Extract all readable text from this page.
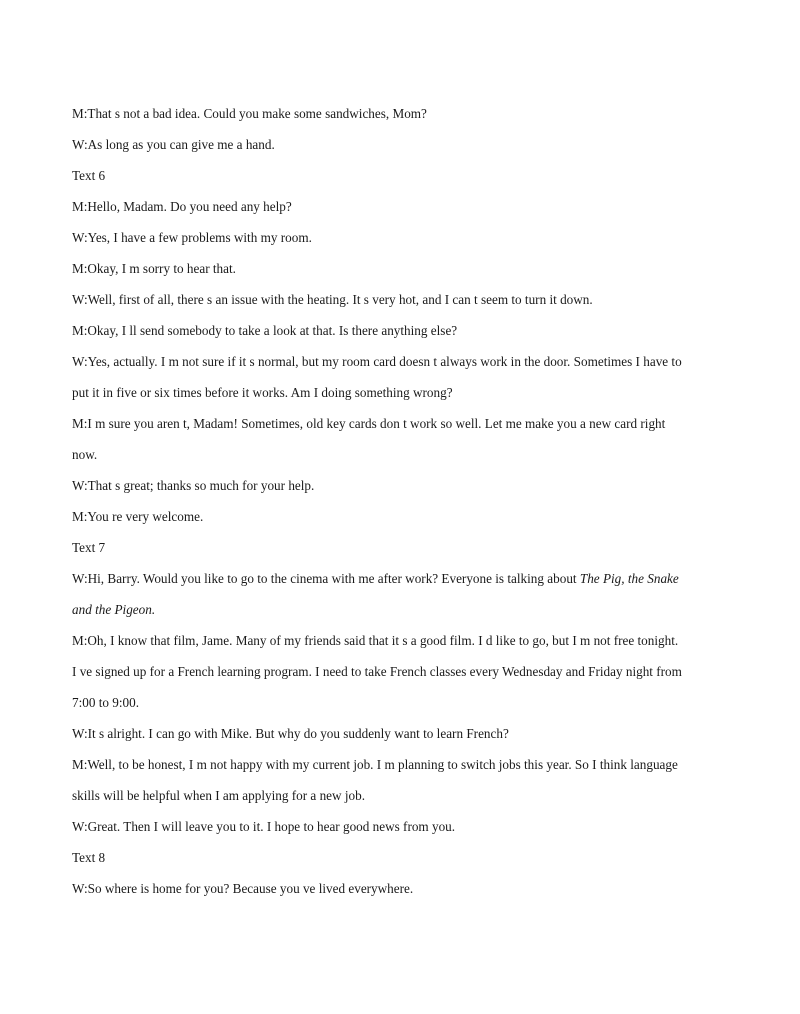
M:That s not a bad idea. Could you make some sandwiches, Mom?

W:As long as you can give me a hand.

Text 6

M:Hello, Madam. Do you need any help?

W:Yes, I have a few problems with my room.

M:Okay, I m sorry to hear that.

W:Well, first of all, there s an issue with the heating. It s very hot, and I can t seem to turn it down.

M:Okay, I ll send somebody to take a look at that. Is there anything else?

W:Yes, actually. I m not sure if it s normal, but my room card doesn t always work in the door. Sometimes I have to

put it in five or six times before it works. Am I doing something wrong?

M:I m sure you aren t, Madam! Sometimes, old key cards don t work so well. Let me make you a new card right

now.

W:That s great; thanks so much for your help.

M:You re very welcome.

Text 7

W:Hi, Barry. Would you like to go to the cinema with me after work? Everyone is talking about The Pig, the Snake

and the Pigeon.

M:Oh, I know that film, Jame. Many of my friends said that it s a good film. I d like to go, but I m not free tonight.

I ve signed up for a French learning program. I need to take French classes every Wednesday and Friday night from

7:00 to 9:00.

W:It s alright. I can go with Mike. But why do you suddenly want to learn French?

M:Well, to be honest, I m not happy with my current job. I m planning to switch jobs this year. So I think language

skills will be helpful when I am applying for a new job.

W:Great. Then I will leave you to it. I hope to hear good news from you.

Text 8

W:So where is home for you? Because you ve lived everywhere.
